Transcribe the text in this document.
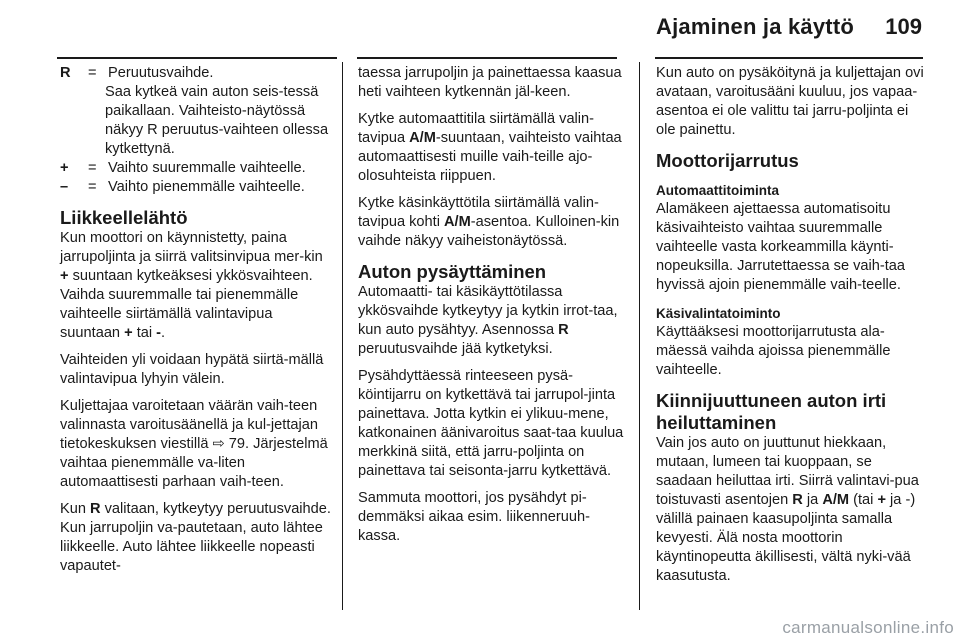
Ajaminen ja käyttö 109
R	= Peruutusvaihde.

Saa kytkeä vain auton seis-tessä paikallaan. Vaihteisto-näytössä näkyy R peruutus-vaihteen ollessa kytkettynä.

+	= Vaihto suuremmalle vaihteelle.
–	= Vaihto pienemmälle vaihteelle.
Liikkeellelähtö

Kun moottori on käynnistetty, paina jarrupoljinta ja siirrä valitsinvipua mer-kin + suuntaan kytkeäksesi ykkösvaihteen. Vaihda suuremmalle tai pienemmälle vaihteelle siirtämällä valintavipua suuntaan + tai -.

Vaihteiden yli voidaan hypätä siirtä-mällä valintavipua lyhyin välein.

Kuljettajaa varoitetaan väärän vaih-teen valinnasta varoitusäänellä ja kul-jettajan tietokeskuksen viestillä ⇨ 79. Järjestelmä vaihtaa pienemmälle va-liten automaattisesti parhaan vaih-teen.

Kun R valitaan, kytkeytyy peruutusvaihde. Kun jarrupoljin va-pautetaan, auto lähtee liikkeelle. Auto lähtee liikkeelle nopeasti vapautet-

taessa jarrupoljin ja painettaessa kaasua heti vaihteen kytkennän jäl-keen.

Kytke automaattitila siirtämällä valin-tavipua A/M-suuntaan, vaihteisto vaihtaa automaattisesti muille vaih-teille ajo-olosuhteista riippuen.

Kytke käsinkäyttötila siirtämällä valin-tavipua kohti A/M-asentoa. Kulloinen-kin vaihde näkyy vaiheistonäytössä.

Auton pysäyttäminen

Automaatti- tai käsikäyttötilassa ykkösvaihde kytkeytyy ja kytkin irrot-taa, kun auto pysähtyy. Asennossa R peruutusvaihde jää kytketyksi.

Pysähdyttäessä rinteeseen pysä-köintijarru on kytkettävä tai jarrupol-jinta painettava. Jotta kytkin ei ylikuu-mene, katkonainen äänivaroitus saat-taa kuulua merkkinä siitä, että jarru-poljinta on painettava tai seisonta-jarru kytkettävä.

Sammuta moottori, jos pysähdyt pi-demmäksi aikaa esim. liikenneruuh-kassa.

Kun auto on pysäköitynä ja kuljettajan ovi avataan, varoitusääni kuuluu, jos vapaa-asentoa ei ole valittu tai jarru-poljinta ei ole painettu.

Moottorijarrutus
Automaattitoiminta

Alamäkeen ajettaessa automatisoitu käsivaihteisto vaihtaa suuremmalle vaihteelle vasta korkeammilla käynti-nopeuksilla. Jarrutettaessa se vaih-taa hyvissä ajoin pienemmälle vaih-teelle.

Käsivalintatoiminto

Käyttääksesi moottorijarrutusta ala-mäessä vaihda ajoissa pienemmälle vaihteelle.

Kiinnijuuttuneen auton irti heiluttaminen

Vain jos auto on juuttunut hiekkaan, mutaan, lumeen tai kuoppaan, se saadaan heiluttaa irti. Siirrä valintavi-pua toistuvasti asentojen R ja A/M (tai + ja -) välillä painaen kaasupoljinta samalla kevyesti. Älä nosta moottorin käyntinopeutta äkillisesti, vältä nyki-vää kaasutusta.

carmanualsonline.info
